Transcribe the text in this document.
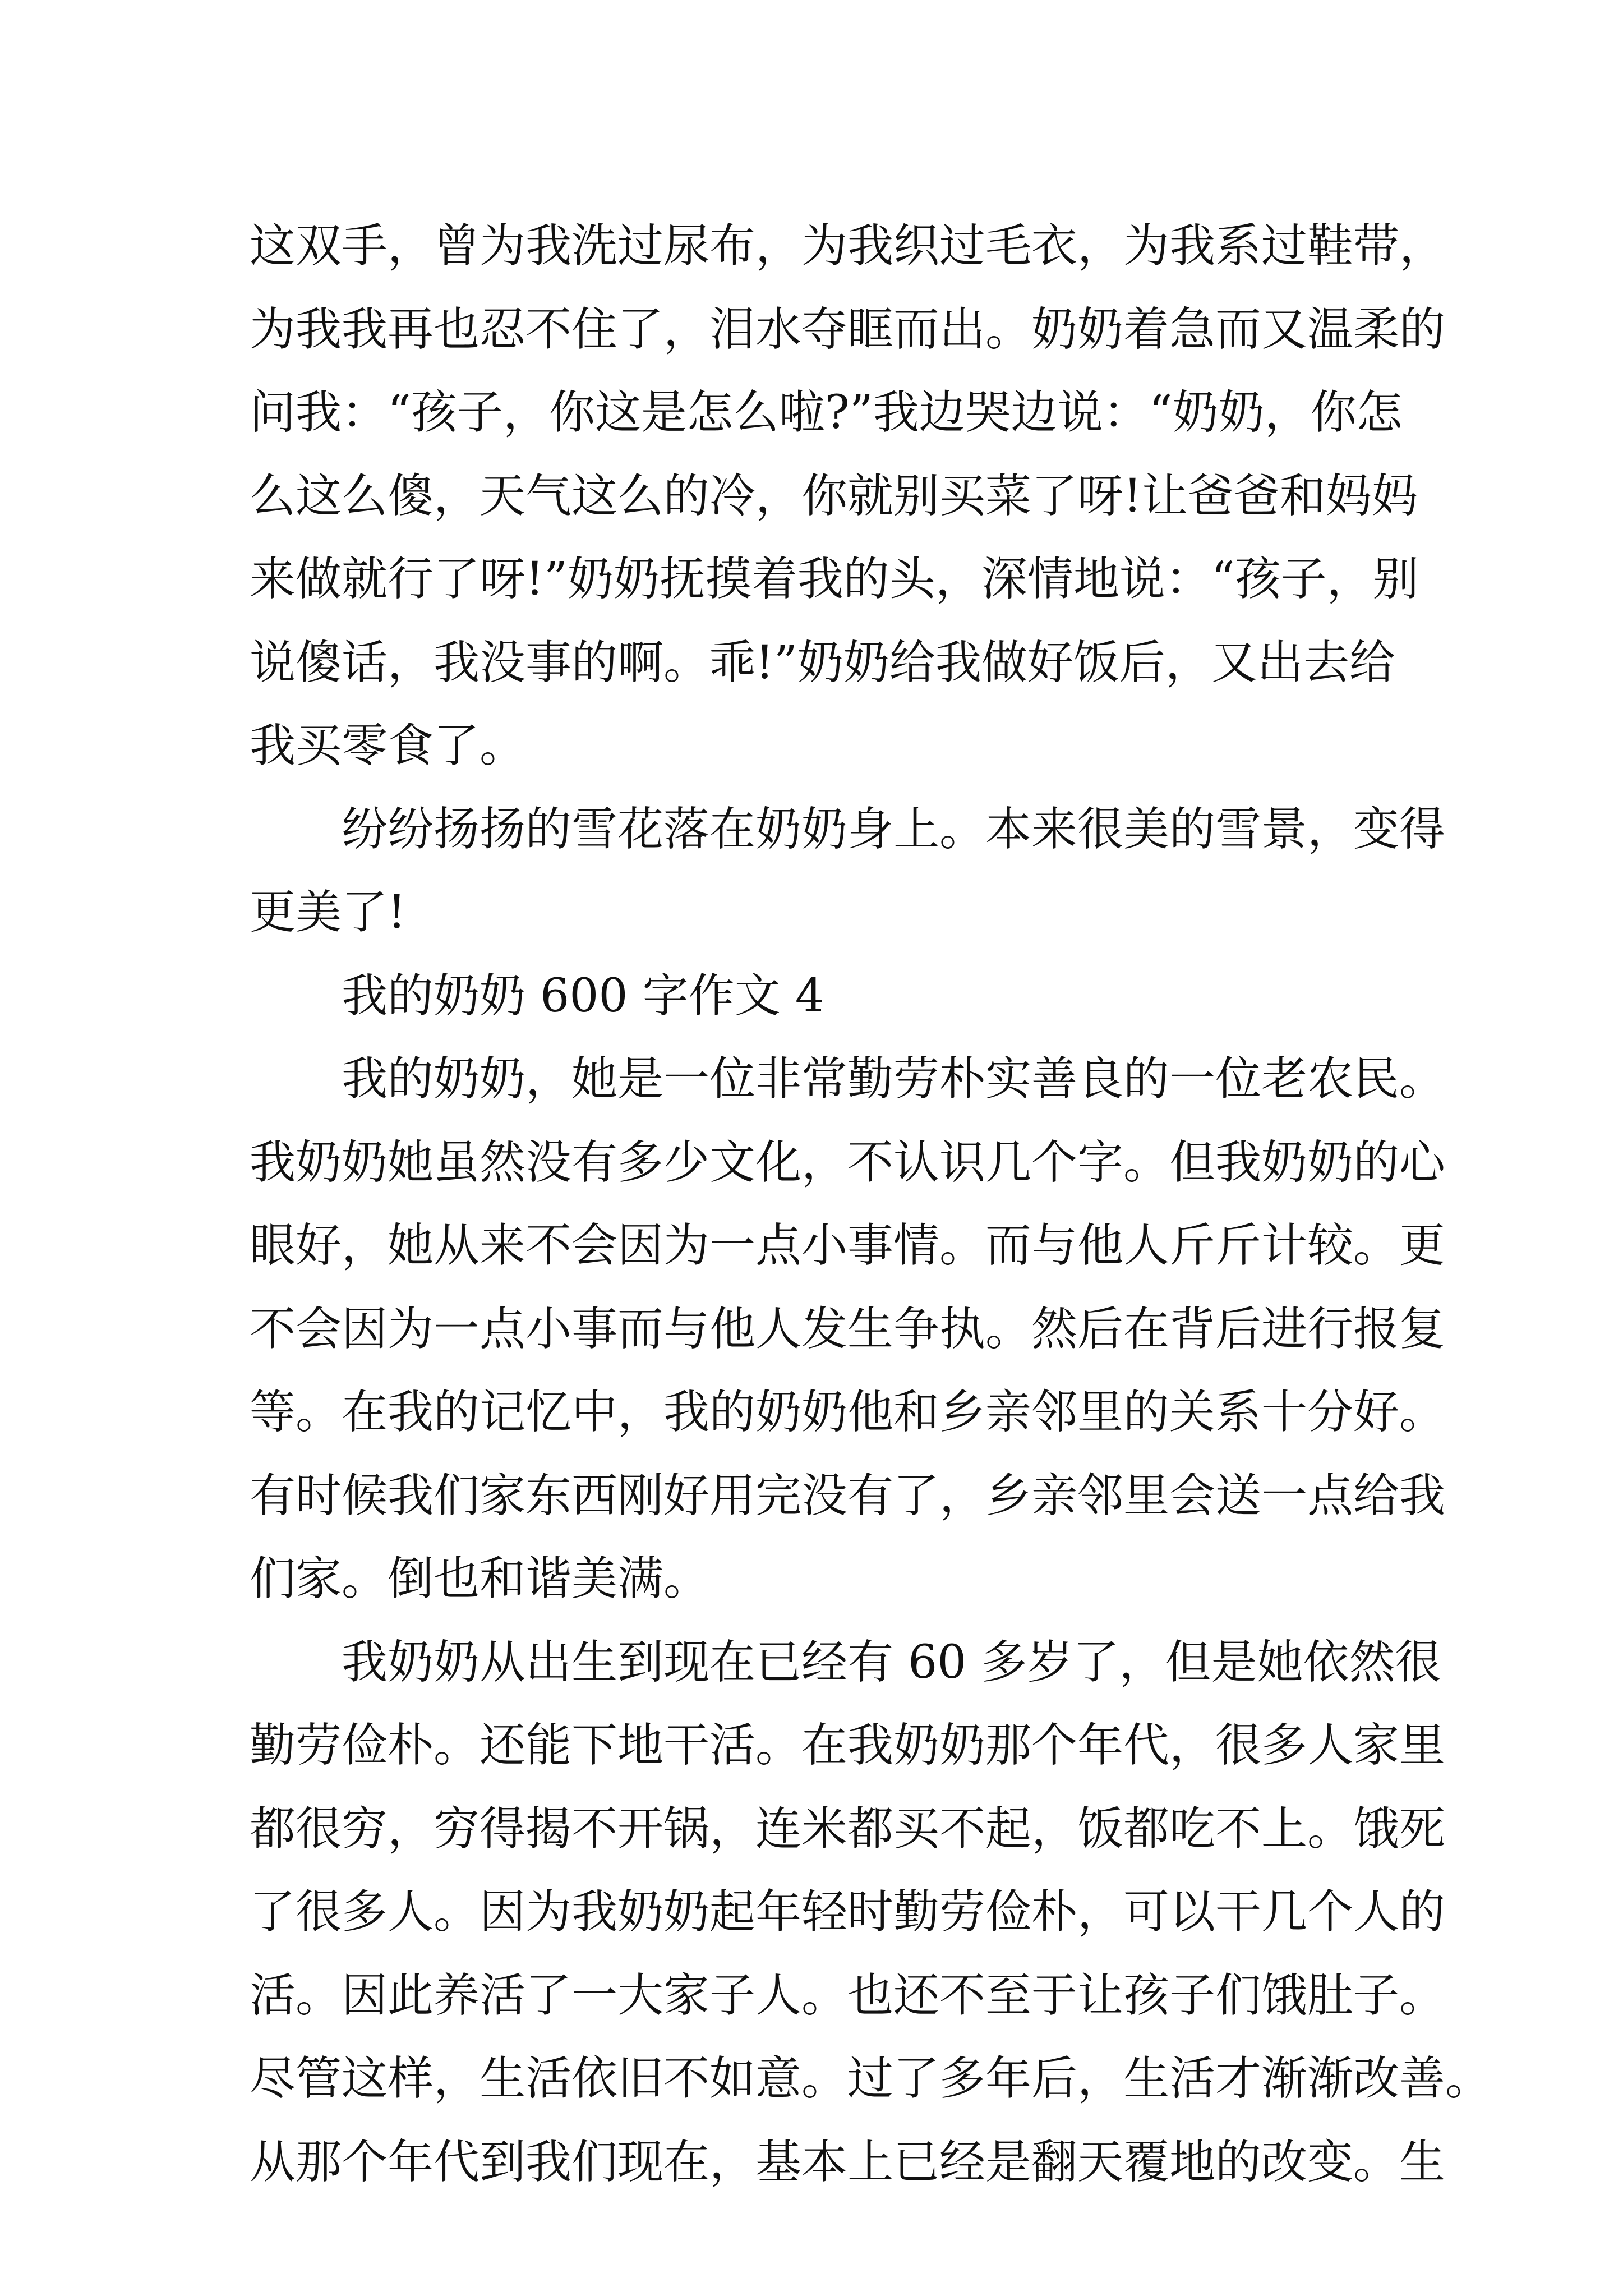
这双手，曾为我洗过尿布，为我织过毛衣，为我系过鞋带，
为我我再也忍不住了，泪水夺眶而出。奶奶着急而又温柔的
问我：“孩子，你这是怎么啦?”我边哭边说：“奶奶，你怎
么这么傻，天气这么的冷，你就别买菜了呀!让爸爸和妈妈
来做就行了呀!”奶奶抚摸着我的头，深情地说：“孩子，别
说傻话，我没事的啊。乖!”奶奶给我做好饭后，又出去给
我买零食了。
纷纷扬扬的雪花落在奶奶身上。本来很美的雪景，变得
更美了!
我的奶奶 600 字作文 4
我的奶奶，她是一位非常勤劳朴实善良的一位老农民。
我奶奶她虽然没有多少文化，不认识几个字。但我奶奶的心
眼好，她从来不会因为一点小事情。而与他人斤斤计较。更
不会因为一点小事而与他人发生争执。然后在背后进行报复
等。在我的记忆中，我的奶奶他和乡亲邻里的关系十分好。
有时候我们家东西刚好用完没有了，乡亲邻里会送一点给我
们家。倒也和谐美满。
我奶奶从出生到现在已经有 60 多岁了，但是她依然很
勤劳俭朴。还能下地干活。在我奶奶那个年代，很多人家里
都很穷，穷得揭不开锅，连米都买不起，饭都吃不上。饿死
了很多人。因为我奶奶起年轻时勤劳俭朴，可以干几个人的
活。因此养活了一大家子人。也还不至于让孩子们饿肚子。
尽管这样，生活依旧不如意。过了多年后，生活才渐渐改善。
从那个年代到我们现在，基本上已经是翻天覆地的改变。生
